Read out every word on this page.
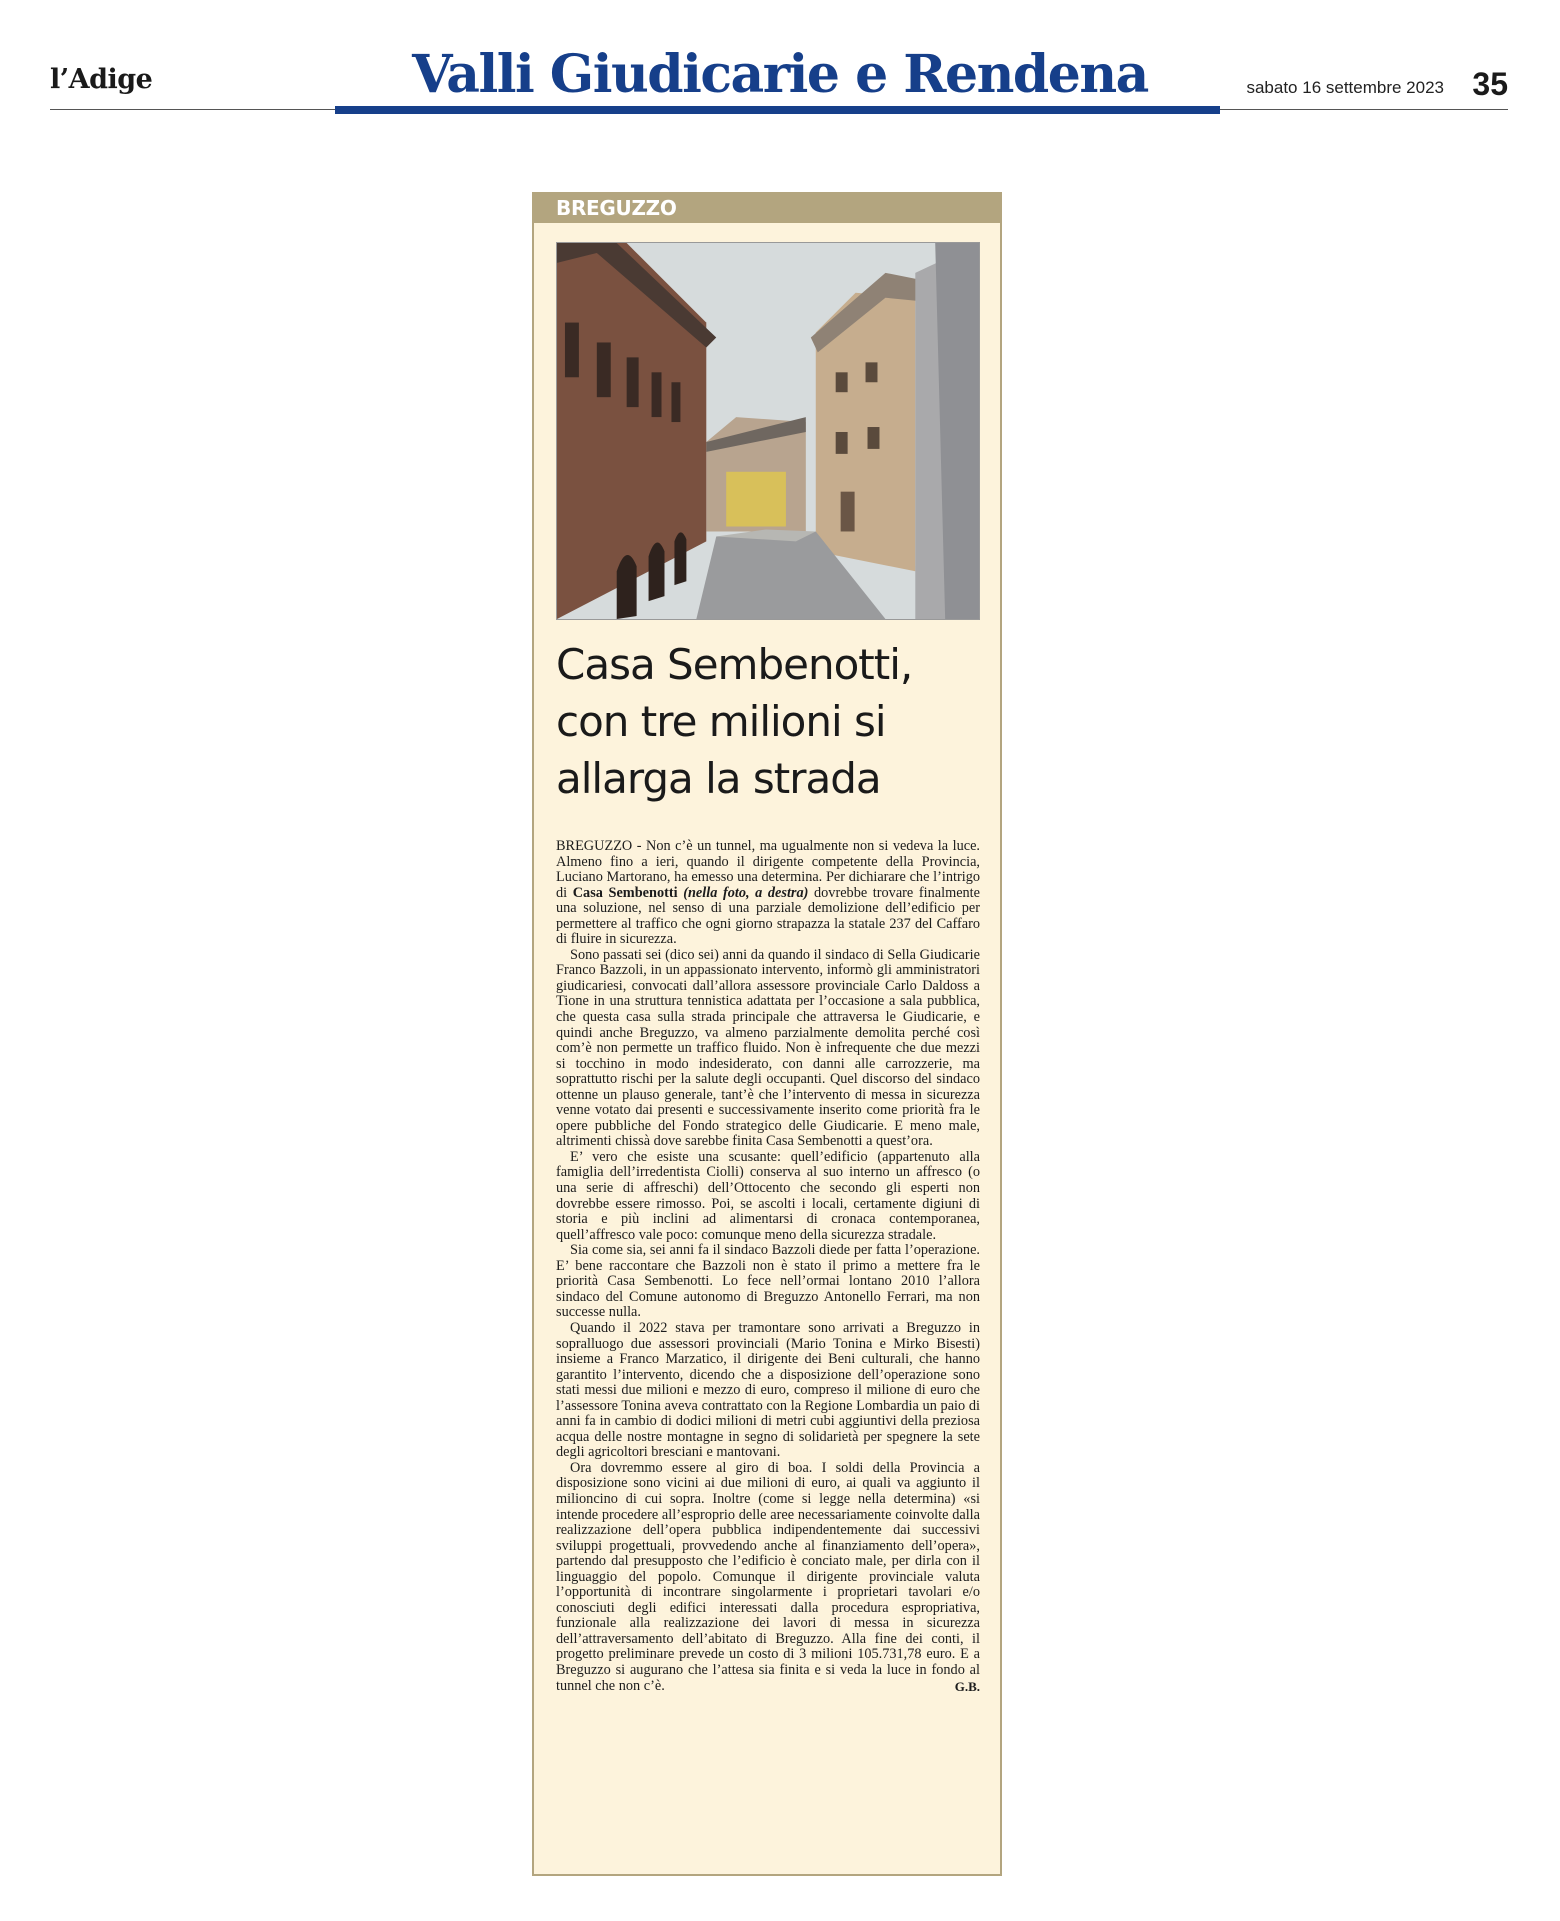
l’Adige	Valli Giudicarie e Rendena	sabato 16 settembre 2023 35
BREGUZZO
Casa Sembenotti, con tre milioni si allarga la strada

BREGUZZO - Non c’è un tunnel, ma ugualmente non si vedeva la luce. Almeno fino a ieri, quando il dirigente competente della Provincia, Luciano Martorano, ha emesso una determina. Per dichiarare che l’intrigo di Casa Sembenotti (nella foto, a destra) dovrebbe trovare finalmente una soluzione, nel senso di una parziale demolizione dell’edificio per permettere al traffico che ogni giorno strapazza la statale 237 del Caffaro di fluire in sicurezza.

Sono passati sei (dico sei) anni da quando il sindaco di Sella Giudicarie Franco Bazzoli, in un appassionato intervento, informò gli amministratori giudicariesi, convocati dall’allora assessore provinciale Carlo Daldoss a Tione in una struttura tennistica adattata per l’occasione a sala pubblica, che questa casa sulla strada principale che attraversa le Giudicarie, e quindi anche Breguzzo, va almeno parzialmente demolita perché così com’è non permette un traffico fluido. Non è infrequente che due mezzi si tocchino in modo indesiderato, con danni alle carrozzerie, ma soprattutto rischi per la salute degli occupanti. Quel discorso del sindaco ottenne un plauso generale, tant’è che l’intervento di messa in sicurezza venne votato dai presenti e successivamente inserito come priorità fra le opere pubbliche del Fondo strategico delle Giudicarie. E meno male, altrimenti chissà dove sarebbe finita Casa Sembenotti a quest’ora.

E’ vero che esiste una scusante: quell’edificio (appartenuto alla famiglia dell’irredentista Ciolli) conserva al suo interno un affresco (o una serie di affreschi) dell’Ottocento che secondo gli esperti non dovrebbe essere rimosso. Poi, se ascolti i locali, certamente digiuni di storia e più inclini ad alimentarsi di cronaca contemporanea, quell’affresco vale poco: comunque meno della sicurezza stradale.

Sia come sia, sei anni fa il sindaco Bazzoli diede per fatta l’operazione. E’ bene raccontare che Bazzoli non è stato il primo a mettere fra le priorità Casa Sembenotti. Lo fece nell’ormai lontano 2010 l’allora sindaco del Comune autonomo di Breguzzo Antonello Ferrari, ma non successe nulla.

Quando il 2022 stava per tramontare sono arrivati a Breguzzo in sopralluogo due assessori provinciali (Mario Tonina e Mirko Bisesti) insieme a Franco Marzatico, il dirigente dei Beni culturali, che hanno garantito l’intervento, dicendo che a disposizione dell’operazione sono stati messi due milioni e mezzo di euro, compreso il milione di euro che l’assessore Tonina aveva contrattato con la Regione Lombardia un paio di anni fa in cambio di dodici milioni di metri cubi aggiuntivi della preziosa acqua delle nostre montagne in segno di solidarietà per spegnere la sete degli agricoltori bresciani e mantovani.

Ora dovremmo essere al giro di boa. I soldi della Provincia a disposizione sono vicini ai due milioni di euro, ai quali va aggiunto il milioncino di cui sopra. Inoltre (come si legge nella determina) «si intende procedere all’esproprio delle aree necessariamente coinvolte dalla realizzazione dell’opera pubblica indipendentemente dai successivi sviluppi progettuali, provvedendo anche al finanziamento dell’opera», partendo dal presupposto che l’edificio è conciato male, per dirla con il linguaggio del popolo. Comunque il dirigente provinciale valuta l’opportunità di incontrare singolarmente i proprietari tavolari e/o conosciuti degli edifici interessati dalla procedura espropriativa, funzionale alla realizzazione dei lavori di messa in sicurezza dell’attraversamento dell’abitato di Breguzzo. Alla fine dei conti, il progetto preliminare prevede un costo di 3 milioni 105.731,78 euro. E a Breguzzo si augurano che l’attesa sia finita e si veda la luce in fondo al tunnel che non c’è.	G.B.
